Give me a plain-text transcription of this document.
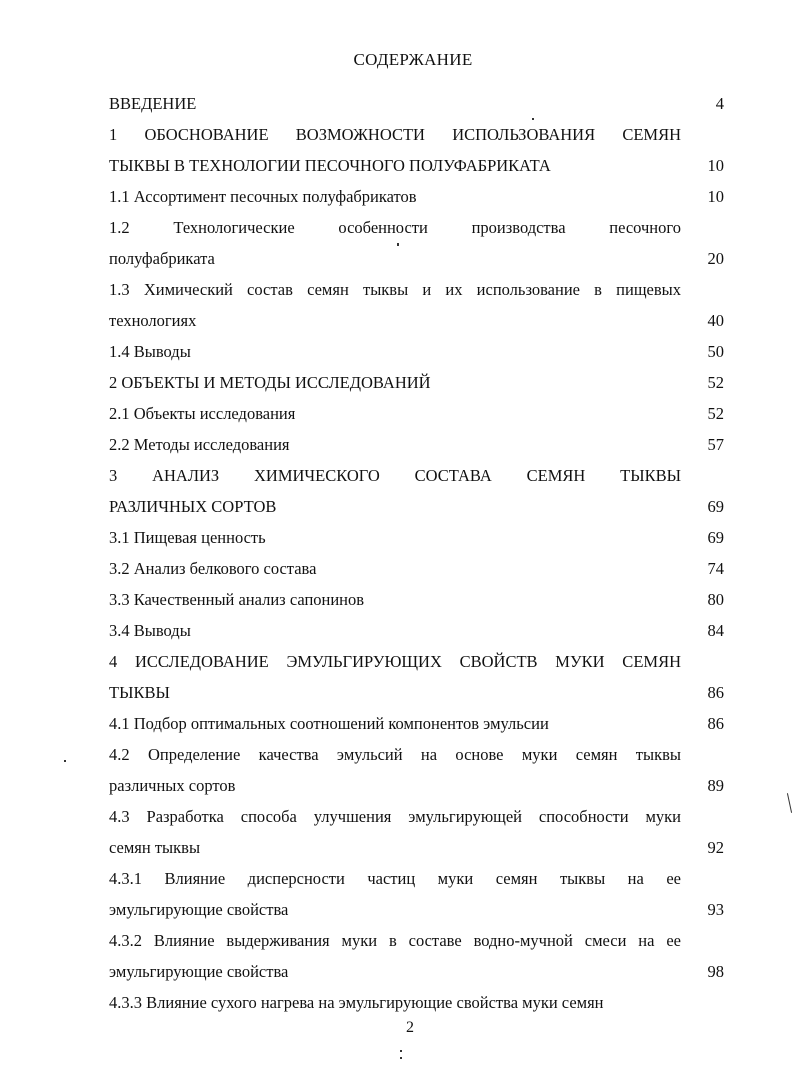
СОДЕРЖАНИЕ
ВВЕДЕНИЕ	4
1 ОБОСНОВАНИЕ ВОЗМОЖНОСТИ ИСПОЛЬЗОВАНИЯ СЕМЯН
ТЫКВЫ В ТЕХНОЛОГИИ ПЕСОЧНОГО ПОЛУФАБРИКАТА	10
1.1 Ассортимент песочных полуфабрикатов	10
1.2 Технологические особенности производства песочного
полуфабриката	20
1.3 Химический состав семян тыквы и их использование в пищевых
технологиях	40
1.4 Выводы	50
2 ОБЪЕКТЫ И МЕТОДЫ ИССЛЕДОВАНИЙ	52
2.1 Объекты исследования	52
2.2 Методы исследования	57
3 АНАЛИЗ ХИМИЧЕСКОГО СОСТАВА СЕМЯН ТЫКВЫ
РАЗЛИЧНЫХ СОРТОВ	69
3.1 Пищевая ценность	69
3.2 Анализ белкового состава	74
3.3 Качественный анализ сапонинов	80
3.4 Выводы	84
4 ИССЛЕДОВАНИЕ ЭМУЛЬГИРУЮЩИХ СВОЙСТВ МУКИ СЕМЯН
ТЫКВЫ	86
4.1 Подбор оптимальных соотношений компонентов эмульсии	86
4.2 Определение качества эмульсий на основе муки семян тыквы
различных сортов	89
4.3 Разработка способа улучшения эмульгирующей способности муки
семян тыквы	92
4.3.1 Влияние дисперсности частиц муки семян тыквы на ее
эмульгирующие свойства	93
4.3.2 Влияние выдерживания муки в составе водно-мучной смеси на ее
эмульгирующие свойства	98
4.3.3 Влияние сухого нагрева на эмульгирующие свойства муки семян
2
